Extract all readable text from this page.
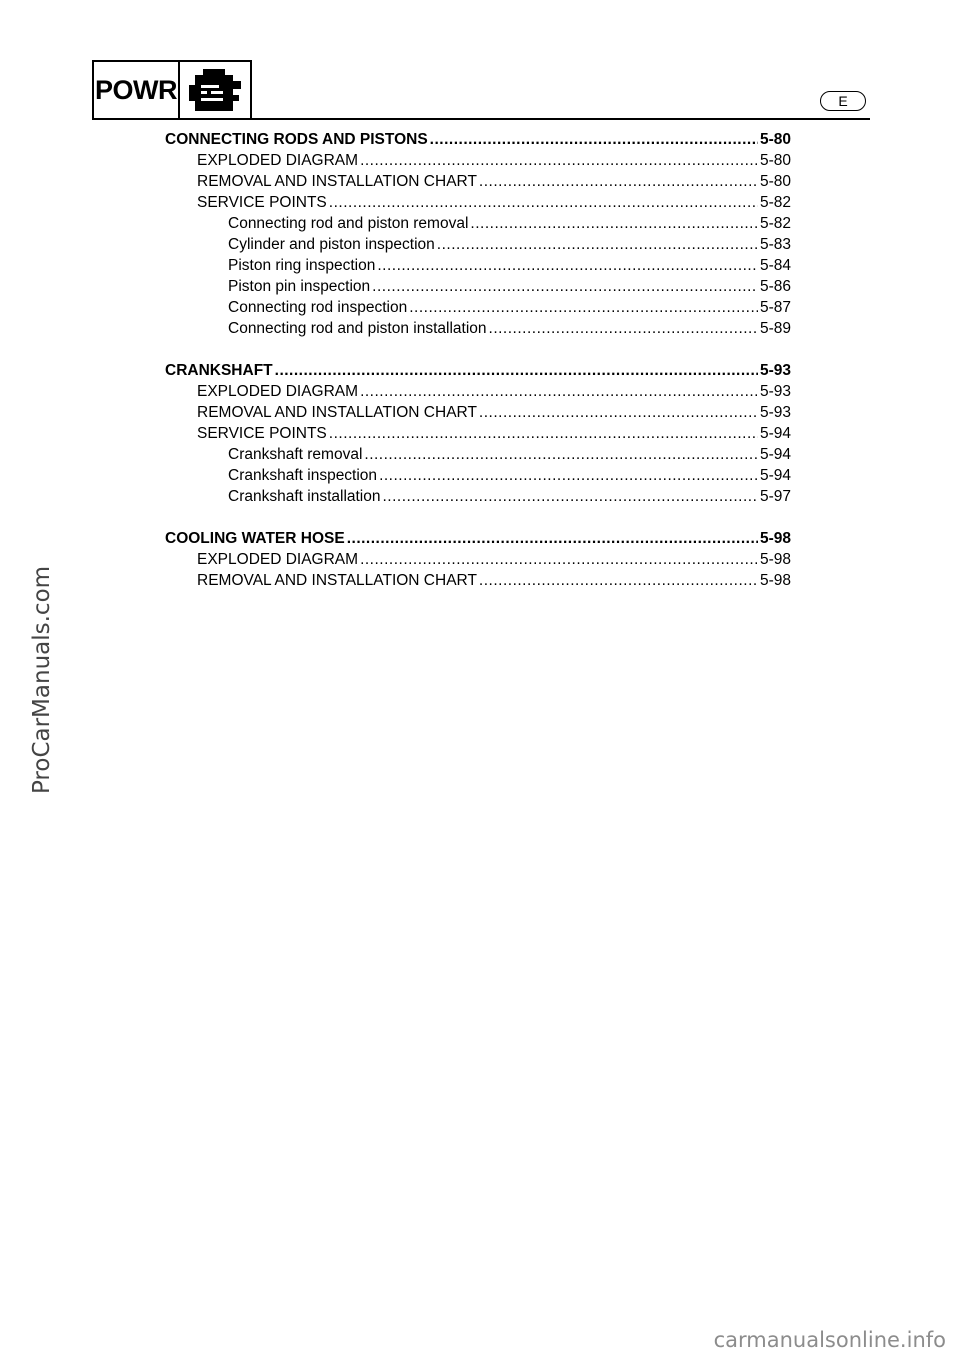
POWR	E
CONNECTING RODS AND PISTONS .....	5-80
EXPLODED DIAGRAM .....	5-80
REMOVAL AND INSTALLATION CHART .....	5-80
SERVICE POINTS .....	5-82
Connecting rod and piston removal .....	5-82
Cylinder and piston inspection .....	5-83
Piston ring inspection .....	5-84
Piston pin inspection .....	5-86
Connecting rod inspection .....	5-87
Connecting rod and piston installation .....	5-89
CRANKSHAFT .....	5-93
EXPLODED DIAGRAM .....	5-93
REMOVAL AND INSTALLATION CHART .....	5-93
SERVICE POINTS .....	5-94
Crankshaft removal .....	5-94
Crankshaft inspection .....	5-94
Crankshaft installation .....	5-97
COOLING WATER HOSE .....	5-98
EXPLODED DIAGRAM .....	5-98
REMOVAL AND INSTALLATION CHART .....	5-98
ProCarManuals.com
carmanualsonline.info
